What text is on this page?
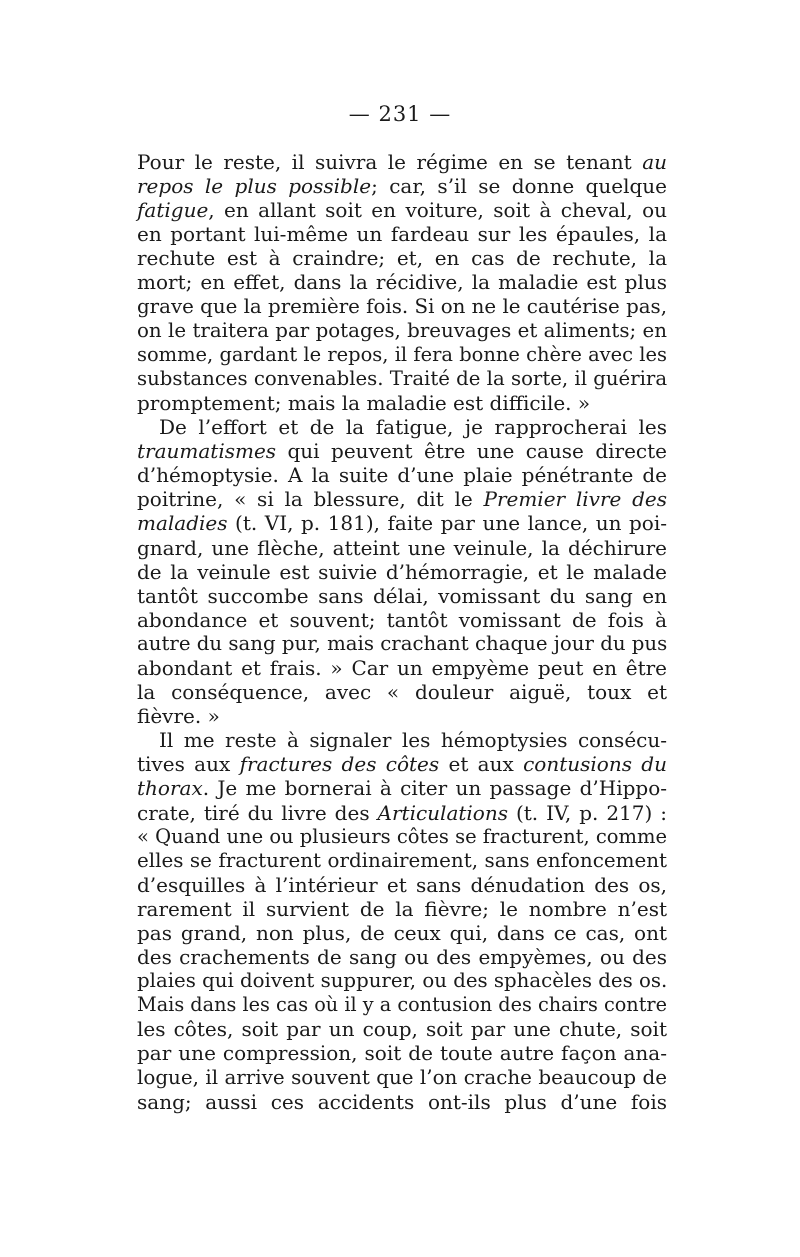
— 231 —
Pour le reste, il suivra le régime en se tenant au
repos le plus possible; car, s’il se donne quelque
fatigue, en allant soit en voiture, soit à cheval, ou
en portant lui-même un fardeau sur les épaules, la
rechute est à craindre; et, en cas de rechute, la
mort; en effet, dans la récidive, la maladie est plus
grave que la première fois. Si on ne le cautérise pas,
on le traitera par potages, breuvages et aliments; en
somme, gardant le repos, il fera bonne chère avec les
substances convenables. Traité de la sorte, il guérira
promptement; mais la maladie est difficile. »
De l’effort et de la fatigue, je rapprocherai les
traumatismes qui peuvent être une cause directe
d’hémoptysie. A la suite d’une plaie pénétrante de
poitrine, « si la blessure, dit le Premier livre des
maladies (t. VI, p. 181), faite par une lance, un poi-
gnard, une flèche, atteint une veinule, la déchirure
de la veinule est suivie d’hémorragie, et le malade
tantôt succombe sans délai, vomissant du sang en
abondance et souvent; tantôt vomissant de fois à
autre du sang pur, mais crachant chaque jour du pus
abondant et frais. » Car un empyème peut en être
la conséquence, avec « douleur aiguë, toux et
fièvre. »
Il me reste à signaler les hémoptysies consécu-
tives aux fractures des côtes et aux contusions du
thorax. Je me bornerai à citer un passage d’Hippo-
crate, tiré du livre des Articulations (t. IV, p. 217) :
« Quand une ou plusieurs côtes se fracturent, comme
elles se fracturent ordinairement, sans enfoncement
d’esquilles à l’intérieur et sans dénudation des os,
rarement il survient de la fièvre; le nombre n’est
pas grand, non plus, de ceux qui, dans ce cas, ont
des crachements de sang ou des empyèmes, ou des
plaies qui doivent suppurer, ou des sphacèles des os.
Mais dans les cas où il y a contusion des chairs contre
les côtes, soit par un coup, soit par une chute, soit
par une compression, soit de toute autre façon ana-
logue, il arrive souvent que l’on crache beaucoup de
sang; aussi ces accidents ont-ils plus d’une fois
